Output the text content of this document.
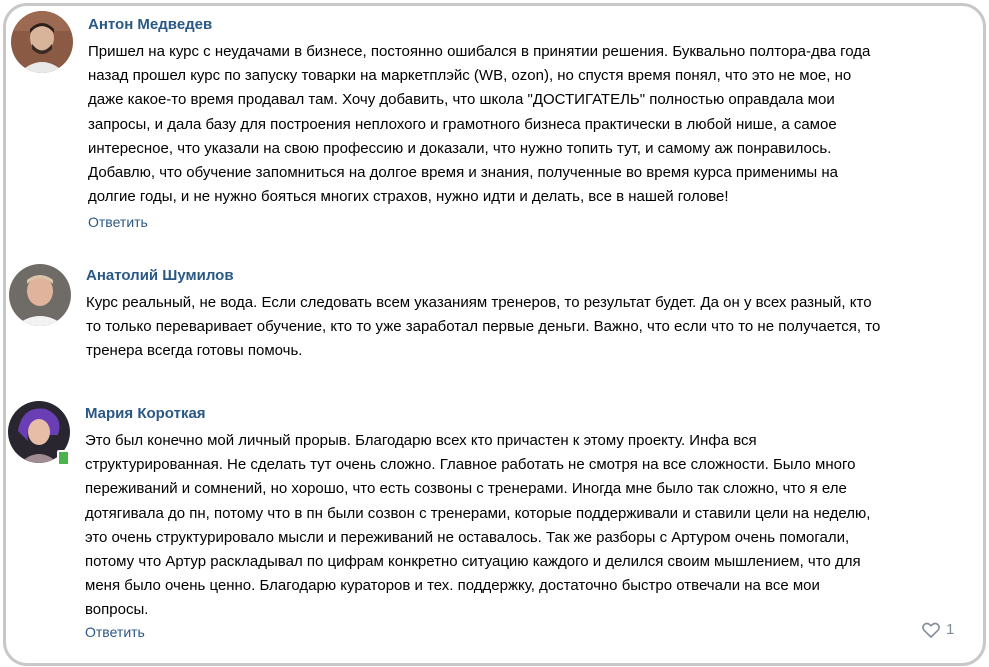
Антон Медведев
Пришел на курс с неудачами в бизнесе, постоянно ошибался в принятии решения. Буквально полтора-два года
назад прошел курс по запуску товарки на маркетплэйс (WB, ozon), но спустя время понял, что это не мое, но
даже какое-то время продавал там. Хочу добавить, что школа "ДОСТИГАТЕЛЬ" полностью оправдала мои
запросы, и дала базу для построения неплохого и грамотного бизнеса практически в любой нише, а самое
интересное, что указали на свою профессию и доказали, что нужно топить тут, и самому аж понравилось.
Добавлю, что обучение запомниться на долгое время и знания, полученные во время курса применимы на
долгие годы, и не нужно бояться многих страхов, нужно идти и делать, все в нашей голове!
Ответить
Анатолий Шумилов
Курс реальный, не вода. Если следовать всем указаниям тренеров, то результат будет. Да он у всех разный, кто
то только переваривает обучение, кто то уже заработал первые деньги. Важно, что если что то не получается, то
тренера всегда готовы помочь.
Мария Короткая
Это был конечно мой личный прорыв. Благодарю всех кто причастен к этому проекту. Инфа вся
структурированная. Не сделать тут очень сложно. Главное работать не смотря на все сложности. Было много
переживаний и сомнений, но хорошо, что есть созвоны с тренерами. Иногда мне было так сложно, что я еле
дотягивала до пн, потому что в пн были созвон с тренерами, которые поддерживали и ставили цели на неделю,
это очень структурировало мысли и переживаний не оставалось. Так же разборы с Артуром очень помогали,
потому что Артур раскладывал по цифрам конкретно ситуацию каждого и делился своим мышлением, что для
меня было очень ценно. Благодарю кураторов и тех. поддержку, достаточно быстро отвечали на все мои
вопросы.
Ответить	1
